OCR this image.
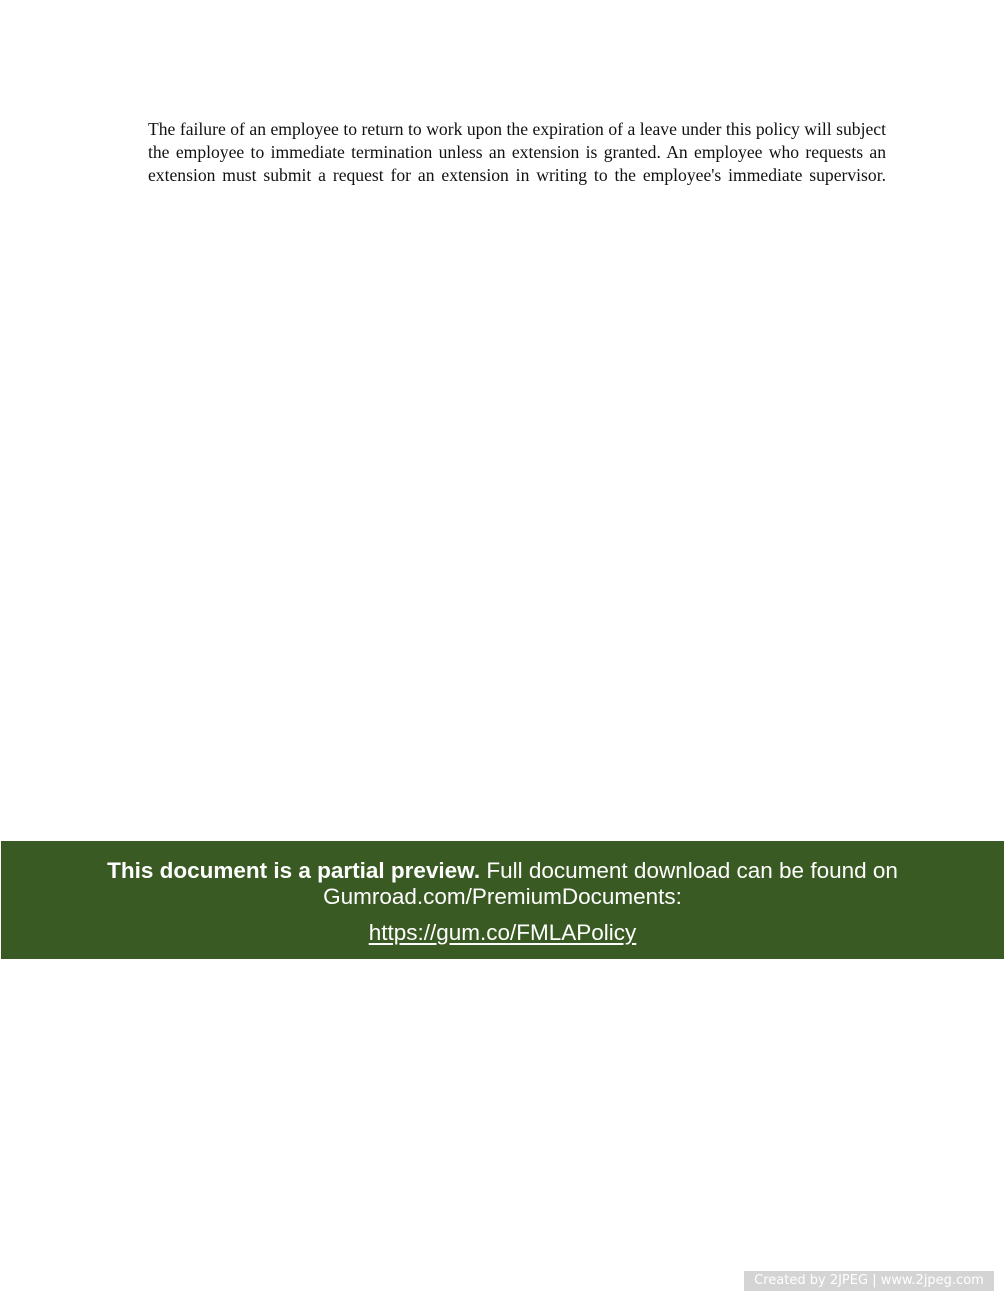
The failure of an employee to return to work upon the expiration of a leave under this policy will subject the employee to immediate termination unless an extension is granted. An employee who requests an extension must submit a request for an extension in writing to the employee's immediate supervisor.

This document is a partial preview. Full document download can be found on
Gumroad.com/PremiumDocuments:
https://gum.co/FMLAPolicy
Created by 2JPEG | www.2jpeg.com
